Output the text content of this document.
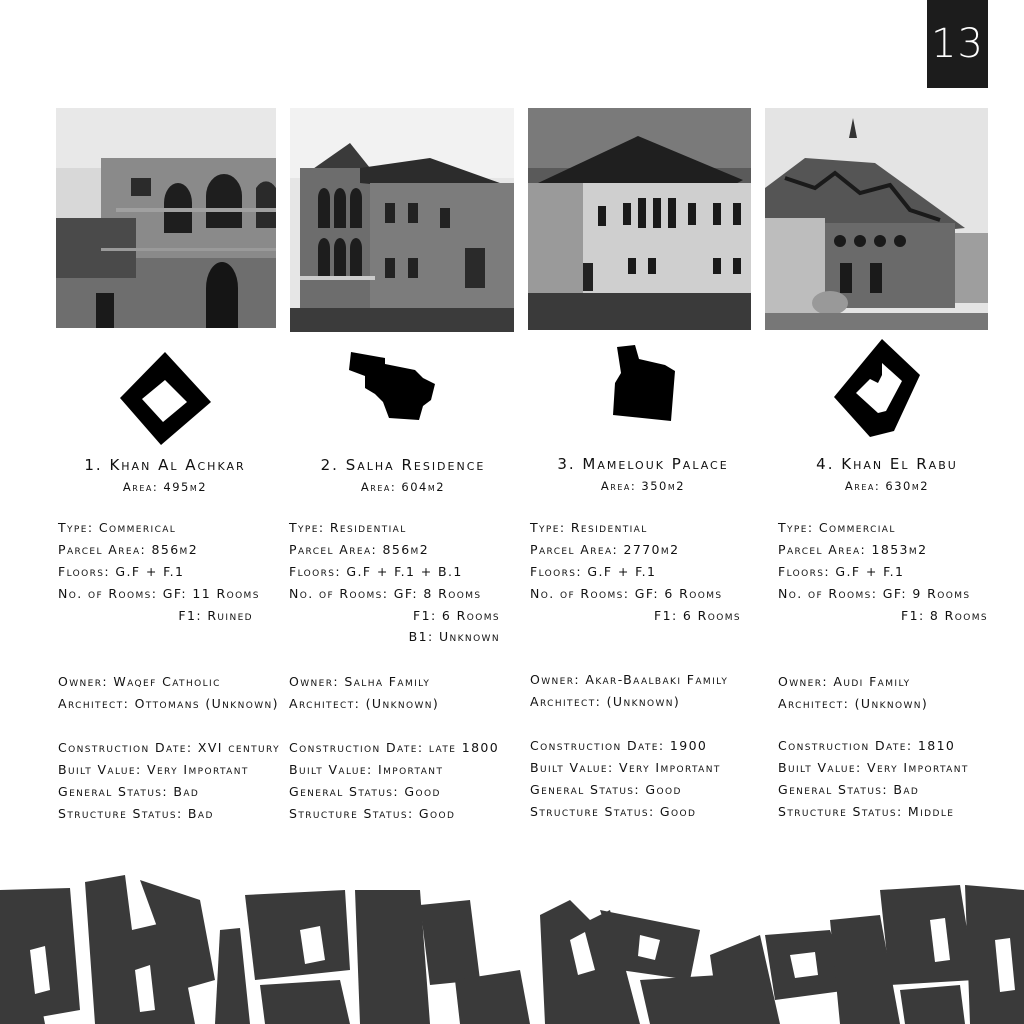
13
1. Khan Al Achkar
Area: 495m2
2. Salha Residence
Area: 604m2
3. Mamelouk Palace
Area: 350m2
4. Khan El Rabu
Area: 630m2
Type: Commerical
Parcel Area: 856m2
Floors: G.F + F.1
No. of Rooms: GF: 11 Rooms
F1: Ruined
Owner: Waqef Catholic
Architect: Ottomans (Unknown)
Construction Date: XVI century
Built Value: Very Important
General Status: Bad
Structure Status: Bad
Type: Residential
Parcel Area: 856m2
Floors: G.F + F.1 + B.1
No. of Rooms: GF: 8 Rooms
F1: 6 Rooms
B1: Unknown
Owner: Salha Family
Architect: (Unknown)
Construction Date: late 1800
Built Value: Important
General Status: Good
Structure Status: Good
Type: Residential
Parcel Area: 2770m2
Floors: G.F + F.1
No. of Rooms: GF: 6 Rooms
F1: 6 Rooms
Owner: Akar-Baalbaki Family
Architect: (Unknown)
Construction Date: 1900
Built Value: Very Important
General Status: Good
Structure Status: Good
Type: Commercial
Parcel Area: 1853m2
Floors: G.F + F.1
No. of Rooms: GF: 9 Rooms
F1: 8 Rooms
Owner: Audi Family
Architect: (Unknown)
Construction Date: 1810
Built Value: Very Important
General Status: Bad
Structure Status: Middle
